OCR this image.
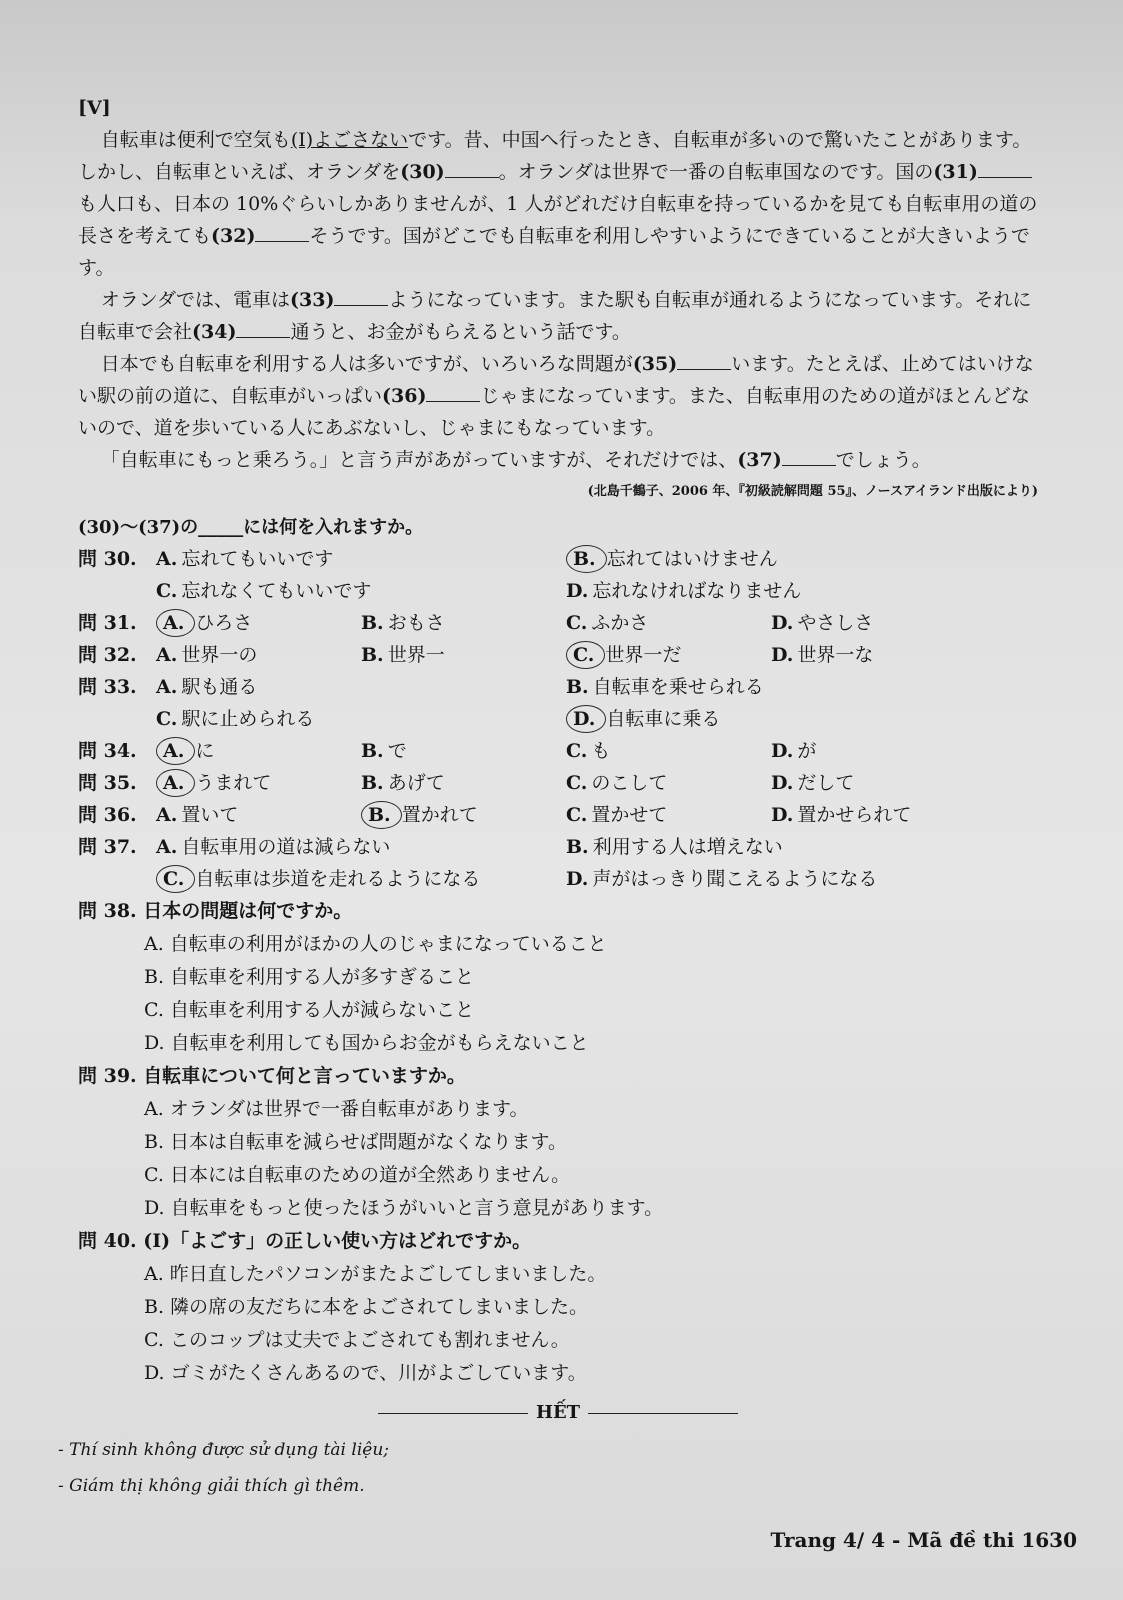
[V]

自転車は便利で空気も(I)よごさないです。昔、中国へ行ったとき、自転車が多いので驚いたことがあります。しかし、自転車といえば、オランダを(30)	。オランダは世界で一番の自転車国なのです。国の(31)も人口も、日本の 10%ぐらいしかありませんが、1 人がどれだけ自転車を持っているかを見ても自転車用の道の長さを考えても(32)	そうです。国がどこでも自転車を利用しやすいようにできていることが大きいようです。

オランダでは、電車は(33)	ようになっています。また駅も自転車が通れるようになっています。それに自転車で会社(34)	通うと、お金がもらえるという話です。

日本でも自転車を利用する人は多いですが、いろいろな問題が(35)	います。たとえば、止めてはいけない駅の前の道に、自転車がいっぱい(36)	じゃまになっています。また、自転車用のための道がほとんどないので、道を歩いている人にあぶないし、じゃまにもなっています。

「自転車にもっと乗ろう。」と言う声があがっていますが、それだけでは、(37)	でしょう。

(北島千鶴子、2006 年、『初級読解問題 55』、ノースアイランド出版により)
(30)〜(37)の_____には何を入れますか。
問 30.	A. 忘れてもいいです	B. 忘れてはいけません
C. 忘れなくてもいいです	D. 忘れなければなりません
問 31.	A. ひろさ	B. おもさ	C. ふかさ	D. やさしさ
問 32.	A. 世界一の	B. 世界一	C. 世界一だ	D. 世界一な
問 33.	A. 駅も通る	B. 自転車を乗せられる
C. 駅に止められる	D. 自転車に乗る
問 34.	A. に	B. で	C. も	D. が
問 35.	A. うまれて	B. あげて	C. のこして	D. だして
問 36.	A. 置いて	B. 置かれて	C. 置かせて	D. 置かせられて
問 37.	A. 自転車用の道は減らない	B. 利用する人は増えない
C. 自転車は歩道を走れるようになる	D. 声がはっきり聞こえるようになる
問 38. 日本の問題は何ですか。
A. 自転車の利用がほかの人のじゃまになっていること
B. 自転車を利用する人が多すぎること
C. 自転車を利用する人が減らないこと
D. 自転車を利用しても国からお金がもらえないこと
問 39. 自転車について何と言っていますか。
A. オランダは世界で一番自転車があります。
B. 日本は自転車を減らせば問題がなくなります。
C. 日本には自転車のための道が全然ありません。
D. 自転車をもっと使ったほうがいいと言う意見があります。
問 40. (I)「よごす」の正しい使い方はどれですか。
A. 昨日直したパソコンがまたよごしてしまいました。
B. 隣の席の友だちに本をよごされてしまいました。
C. このコップは丈夫でよごされても割れません。
D. ゴミがたくさんあるので、川がよごしています。
HẾT
- Thí sinh không được sử dụng tài liệu;
- Giám thị không giải thích gì thêm.
Trang 4/ 4 - Mã đề thi 1630
